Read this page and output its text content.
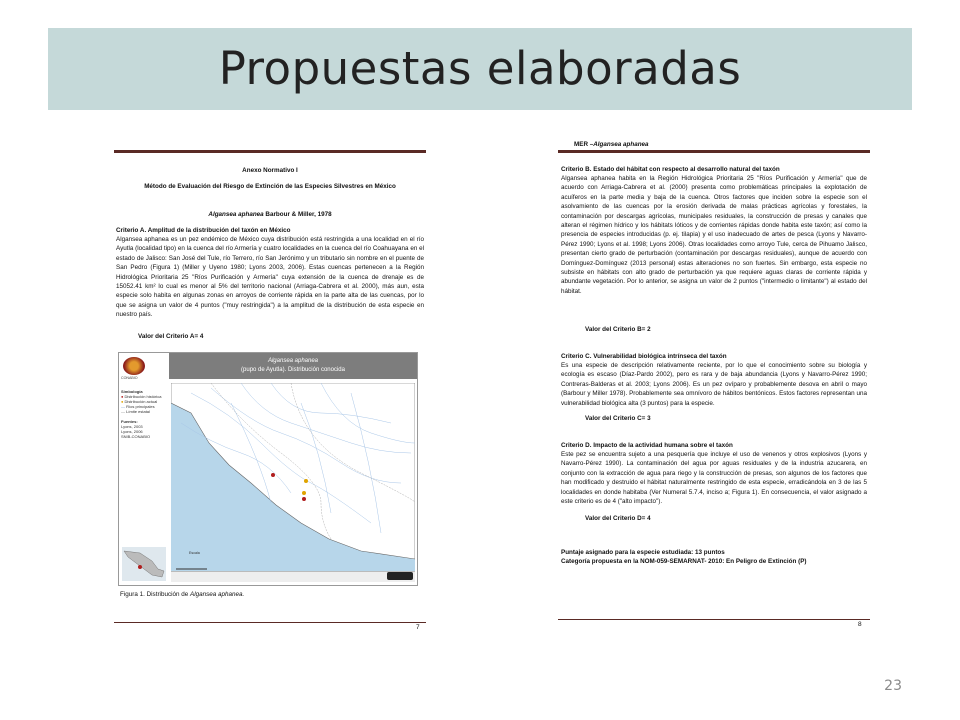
Propuestas elaboradas
Anexo Normativo I
Método de Evaluación del Riesgo de Extinción de las Especies Silvestres en México
Algansea aphanea Barbour & Miller, 1978
Criterio A. Amplitud de la distribución del taxón en México
Algansea aphanea es un pez endémico de México cuya distribución está restringida a una localidad en el río Ayutla (localidad tipo) en la cuenca del río Armería y cuatro localidades en la cuenca del río Coahuayana en el estado de Jalisco: San José del Tule, río Terrero, río San Jerónimo y un tributario sin nombre en el puente de San Pedro (Figura 1) (Miller y Uyeno 1980; Lyons 2003, 2006). Estas cuencas pertenecen a la Región Hidrológica Prioritaria 25 "Ríos Purificación y Armería" cuya extensión de la cuenca de drenaje es de 15052.41 km² lo cual es menor al 5% del territorio nacional (Arriaga-Cabrera et al. 2000), más aun, esta especie solo habita en algunas zonas en arroyos de corriente rápida en la parte alta de las cuencas, por lo que se asigna un valor de 4 puntos ("muy restringida") a la amplitud de la distribución de esta especie en nuestro país.
Valor del Criterio A= 4
CONABIO
Algansea aphanea
(pupo de Ayutla). Distribución conocida
Simbología
● Distribución histórica
● Distribución actual
— Ríos principales
— Límite estatal
Fuentes:
Lyons, 2003
Lyons, 2006
SNIB-CONABIO
Escala
Figura 1. Distribución de Algansea aphanea.
7
MER –Algansea aphanea
Criterio B. Estado del hábitat con respecto al desarrollo natural del taxón
Algansea aphanea habita en la Región Hidrológica Prioritaria 25 "Ríos Purificación y Armería" que de acuerdo con Arriaga-Cabrera et al. (2000) presenta como problemáticas principales la explotación de acuíferos en la parte media y baja de la cuenca. Otros factores que inciden sobre la especie son el asolvamiento de las cuencas por la erosión derivada de malas prácticas agrícolas y forestales, la contaminación por descargas agrícolas, municipales residuales, la construcción de presas y canales que alteran el régimen hídrico y los hábitats lóticos y de corrientes rápidas donde habita este taxón; así como la presencia de especies introducidas (p. ej. tilapia) y el uso inadecuado de artes de pesca (Lyons y Navarro-Pérez 1990; Lyons et al. 1998; Lyons 2006). Otras localidades como arroyo Tule, cerca de Pihuamo Jalisco, presentan cierto grado de perturbación (contaminación por descargas residuales), aunque de acuerdo con Domínguez-Domínguez (2013 personal) estas alteraciones no son fuertes. Sin embargo, esta especie no subsiste en hábitats con alto grado de perturbación ya que requiere aguas claras de corriente rápida y abundante vegetación. Por lo anterior, se asigna un valor de 2 puntos ("intermedio o limitante") al estado del hábitat.
Valor del Criterio B= 2
Criterio C. Vulnerabilidad biológica intrínseca del taxón
Es una especie de descripción relativamente reciente, por lo que el conocimiento sobre su biología y ecología es escaso (Díaz-Pardo 2002), pero es rara y de baja abundancia (Lyons y Navarro-Pérez 1990; Contreras-Balderas et al. 2003; Lyons 2006). Es un pez ovíparo y probablemente desova en abril o mayo (Barbour y Miller 1978). Probablemente sea omnívoro de hábitos bentónicos. Estos factores representan una vulnerabilidad biológica alta (3 puntos) para la especie.
Valor del Criterio C= 3
Criterio D. Impacto de la actividad humana sobre el taxón
Este pez se encuentra sujeto a una pesquería que incluye el uso de venenos y otros explosivos (Lyons y Navarro-Pérez 1990). La contaminación del agua por aguas residuales y de la industria azucarera, en conjunto con la extracción de agua para riego y la construcción de presas, son algunos de los factores que han modificado y destruido el hábitat naturalmente restringido de esta especie, erradicándola en 3 de las 5 localidades en donde habitaba (Ver Numeral 5.7.4, inciso a; Figura 1). En consecuencia, el valor asignado a este criterio es de 4 ("alto impacto").
Valor del Criterio D= 4
Puntaje asignado para la especie estudiada: 13 puntos
Categoría propuesta en la NOM-059-SEMARNAT- 2010: En Peligro de Extinción (P)
8
23
